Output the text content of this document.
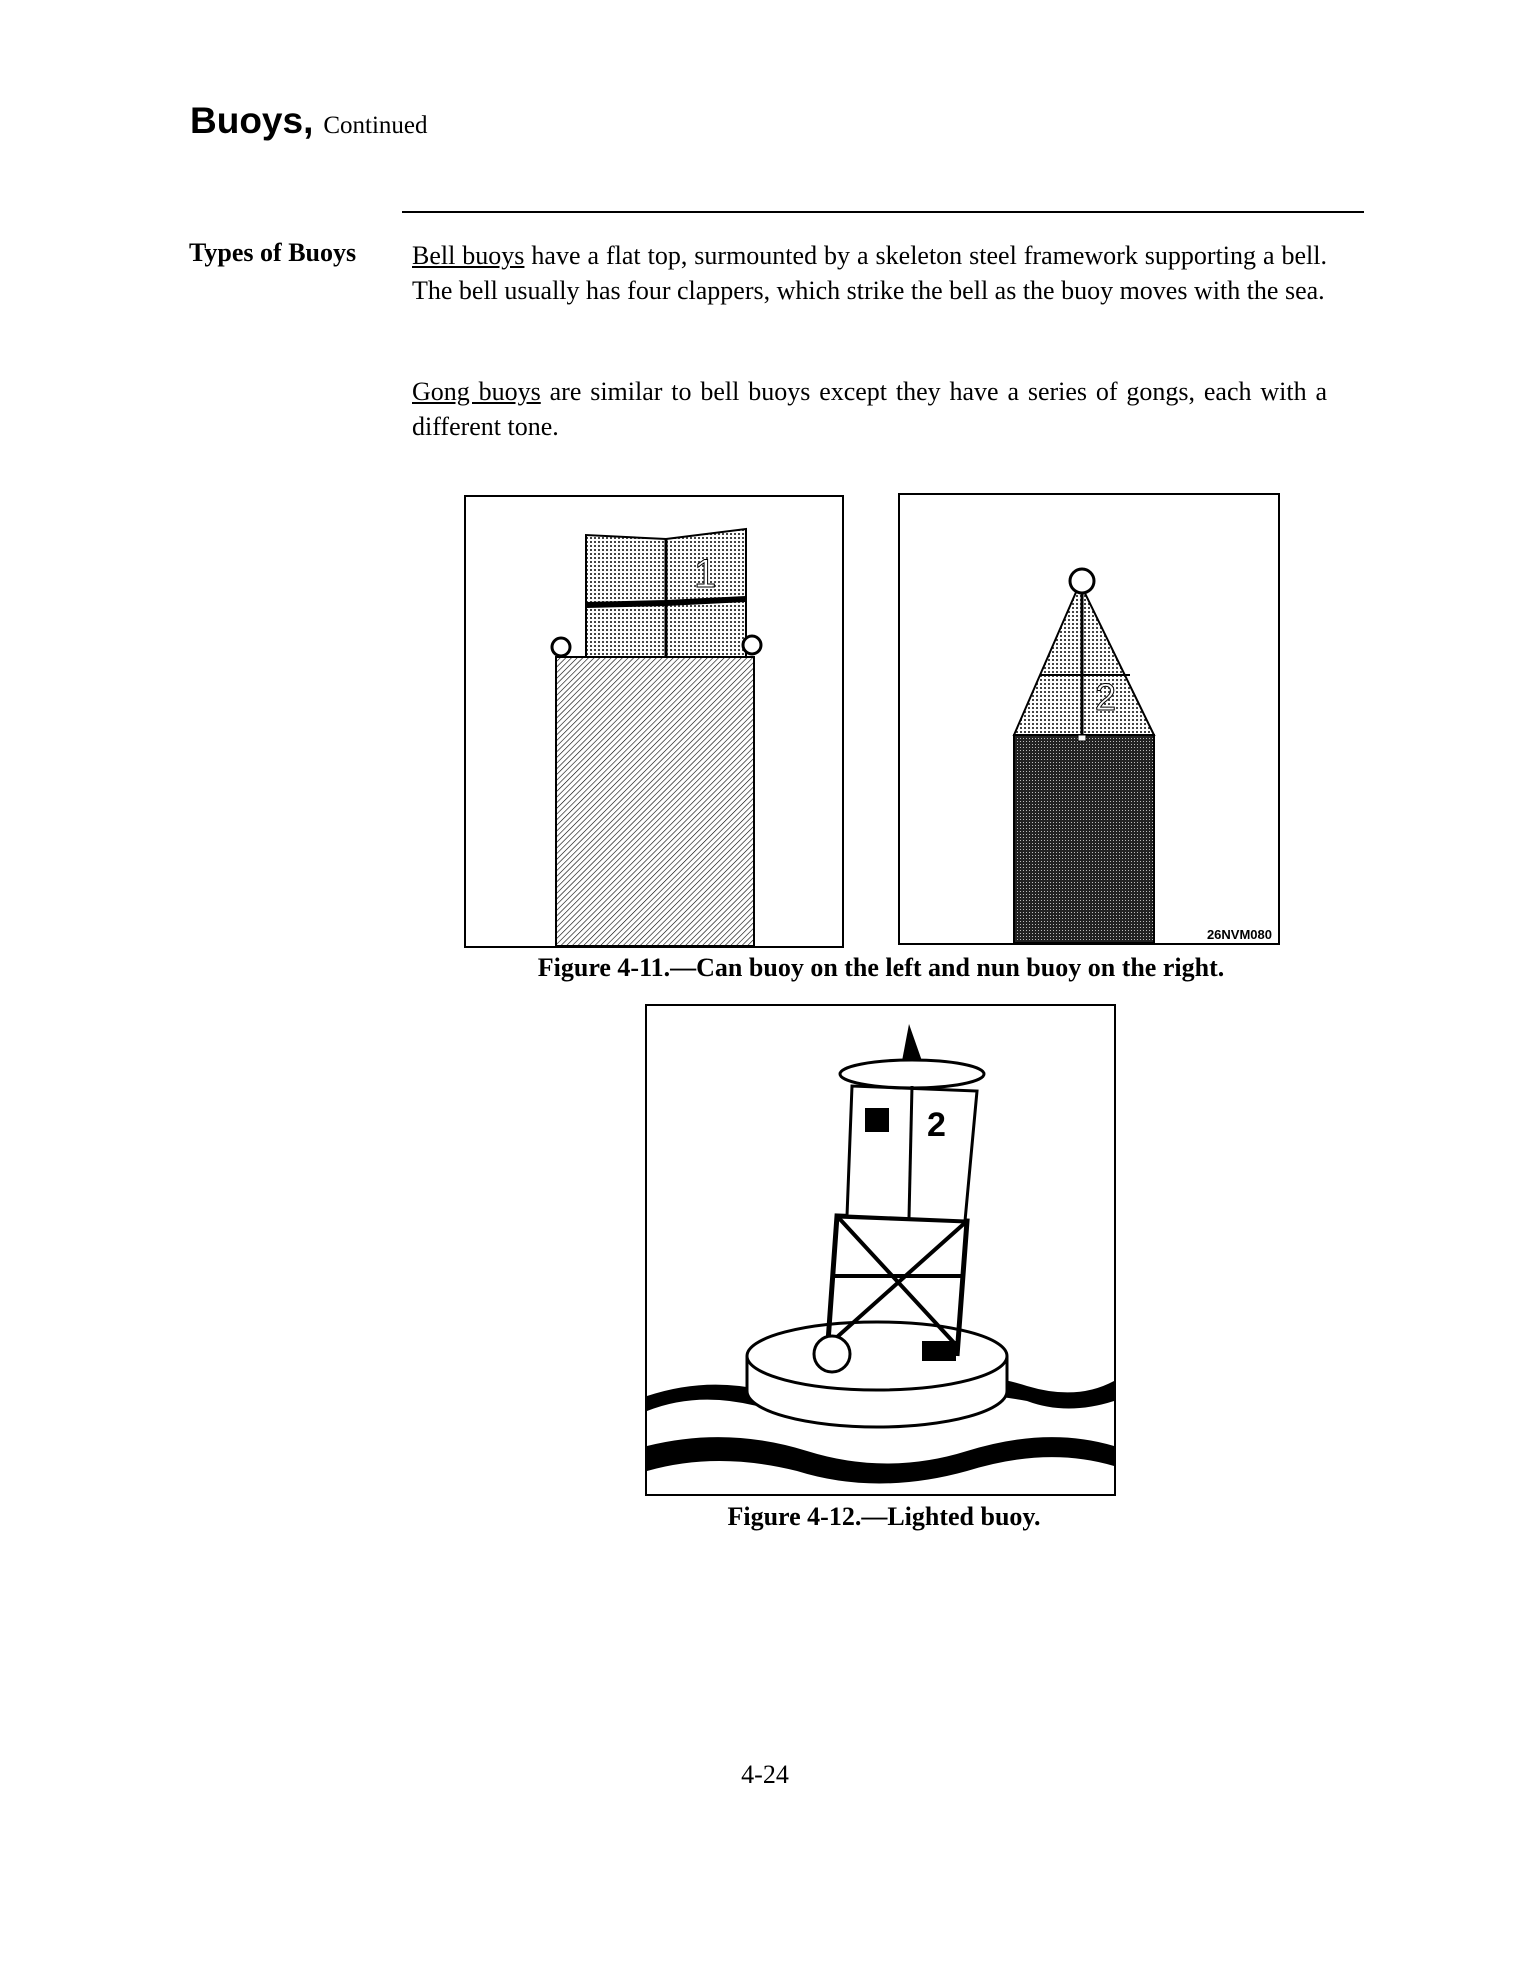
Buoys, Continued
Types of Buoys Bell buoys have a flat top, surmounted by a skeleton steel framework supporting a bell. The bell usually has four clappers, which strike the bell as the buoy moves with the sea.
Gong buoys are similar to bell buoys except they have a series of gongs, each with a different tone.
1
2
26NVM080
Figure 4-11.—Can buoy on the left and nun buoy on the right.
2
Figure 4-12.—Lighted buoy.
4-24
